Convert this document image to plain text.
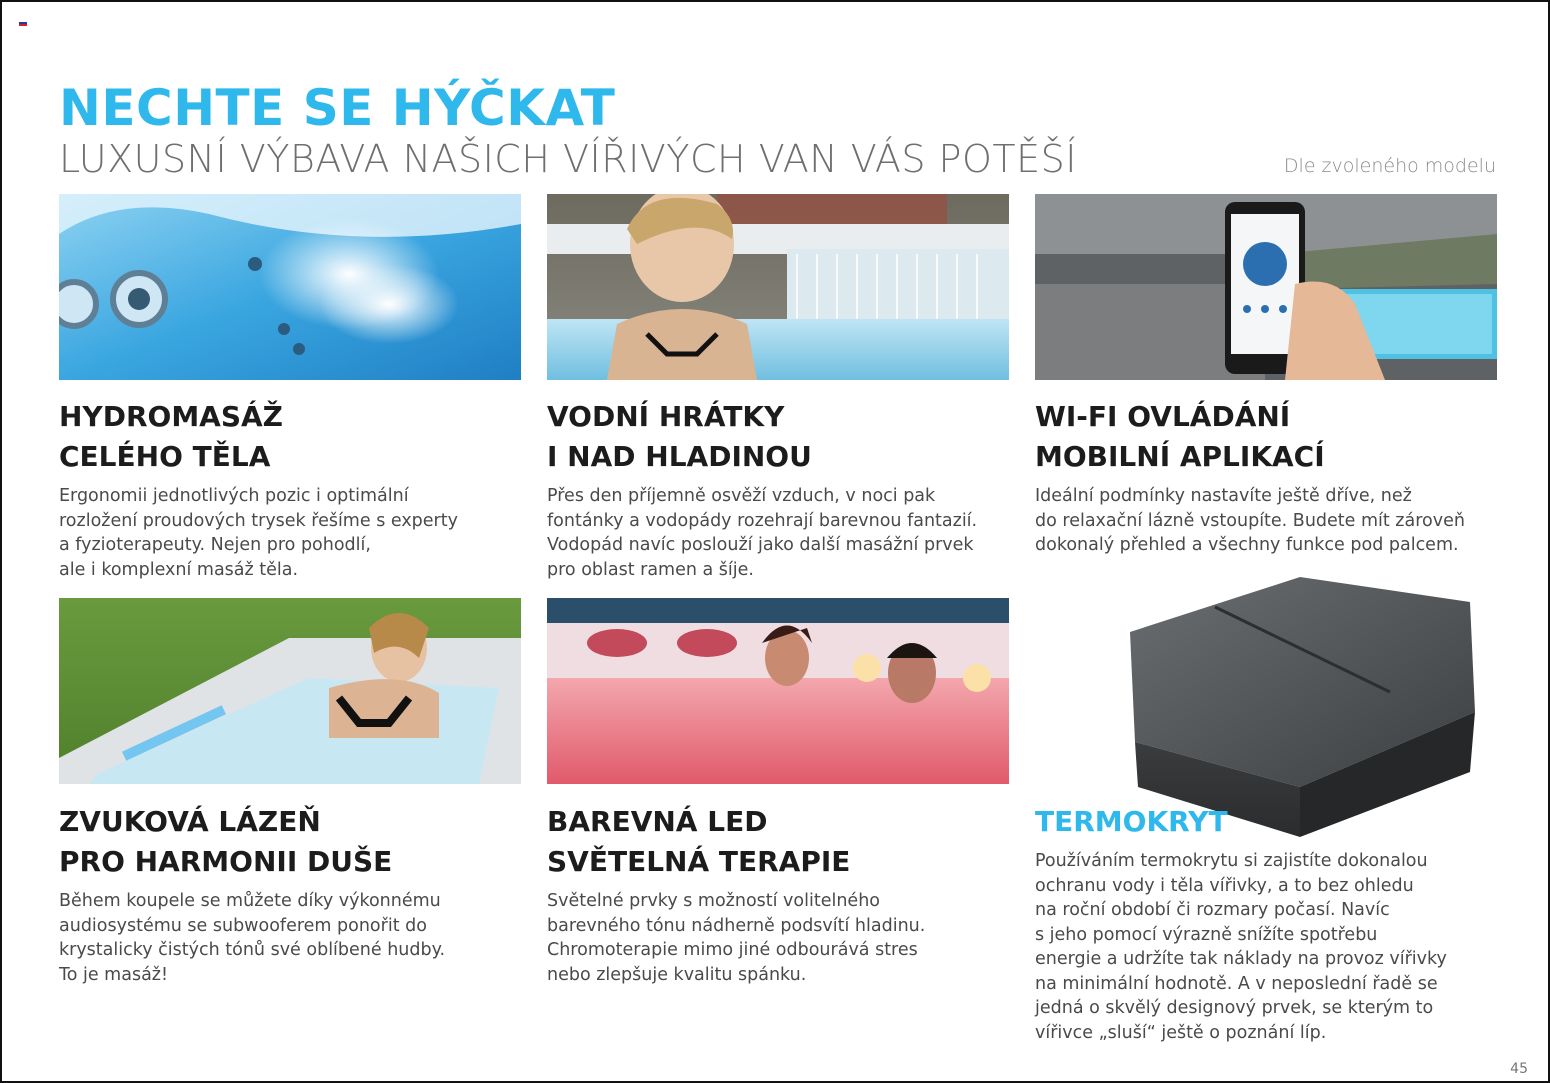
NECHTE SE HÝČKAT
LUXUSNÍ VÝBAVA NAŠICH VÍŘIVÝCH VAN VÁS POTĚŠÍ	Dle zvoleného modelu
HYDROMASÁŽ
CELÉHO TĚLA
Ergonomii jednotlivých pozic i optimální
rozložení proudových trysek řešíme s experty
a fyzioterapeuty. Nejen pro pohodlí,
ale i komplexní masáž těla.
VODNÍ HRÁTKY
I NAD HLADINOU
Přes den příjemně osvěží vzduch, v noci pak
fontánky a vodopády rozehrají barevnou fantazií.
Vodopád navíc poslouží jako další masážní prvek
pro oblast ramen a šíje.
WI-FI OVLÁDÁNÍ
MOBILNÍ APLIKACÍ
Ideální podmínky nastavíte ještě dříve, než
do relaxační lázně vstoupíte. Budete mít zároveň
dokonalý přehled a všechny funkce pod palcem.
ZVUKOVÁ LÁZEŇ
PRO HARMONII DUŠE
Během koupele se můžete díky výkonnému
audiosystému se subwooferem ponořit do
krystalicky čistých tónů své oblíbené hudby.
To je masáž!
BAREVNÁ LED
SVĚTELNÁ TERAPIE
Světelné prvky s možností volitelného
barevného tónu nádherně podsvítí hladinu.
Chromoterapie mimo jiné odbourává stres
nebo zlepšuje kvalitu spánku.
TERMOKRYT
Používáním termokrytu si zajistíte dokonalou
ochranu vody i těla vířivky, a to bez ohledu
na roční období či rozmary počasí. Navíc
s jeho pomocí výrazně snížíte spotřebu
energie a udržíte tak náklady na provoz vířivky
na minimální hodnotě. A v neposlední řadě se
jedná o skvělý designový prvek, se kterým to
vířivce „sluší“ ještě o poznání líp.
45
